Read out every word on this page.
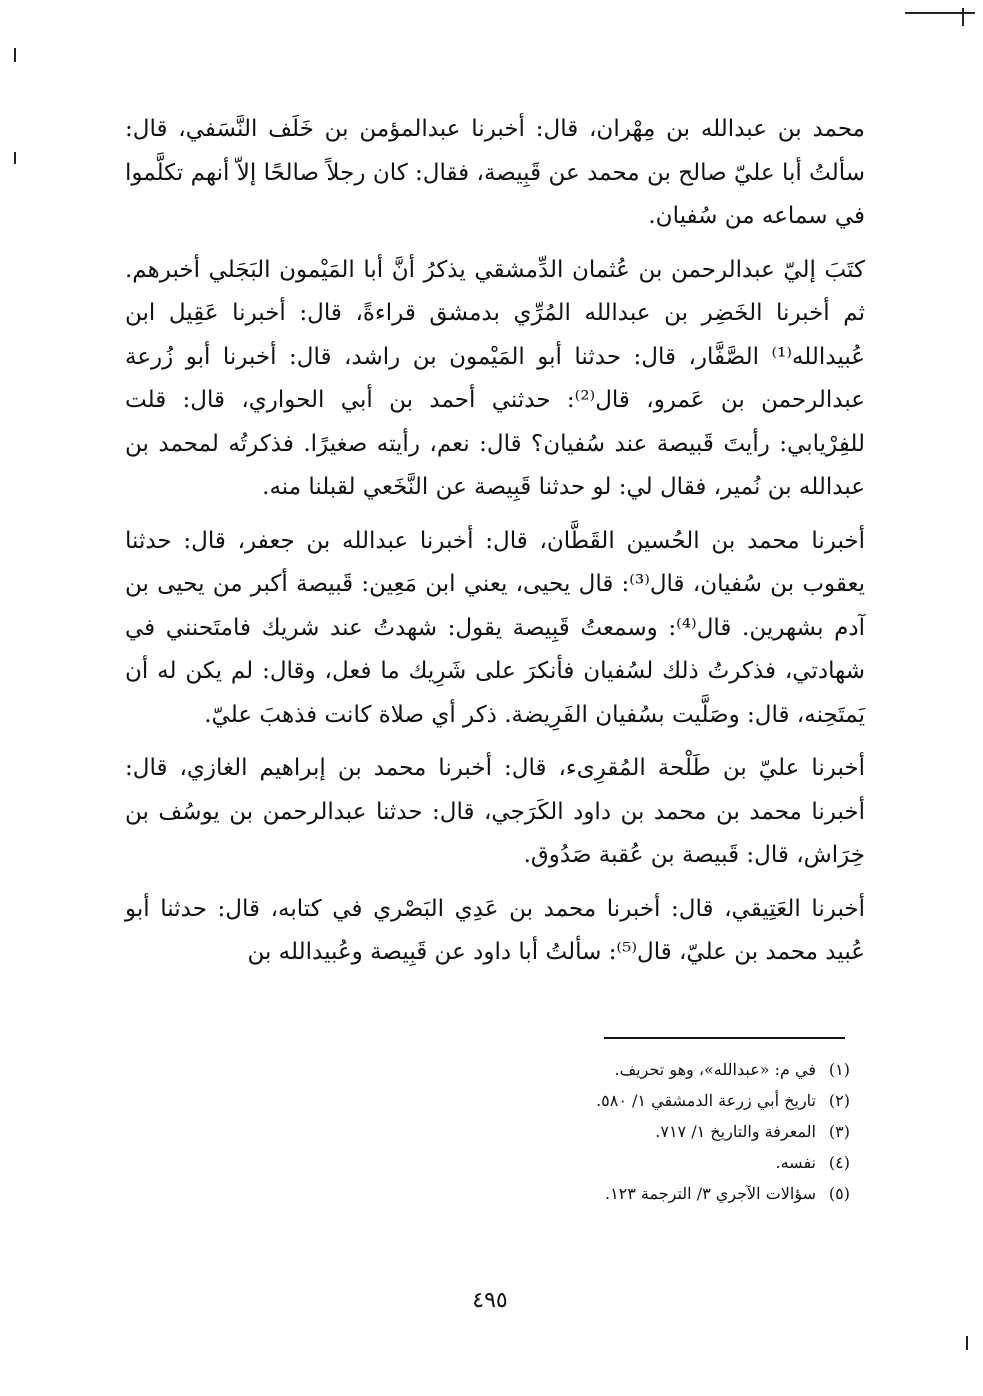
محمد بن عبدالله بن مِهْران، قال: أخبرنا عبدالمؤمن بن خَلَف النَّسَفي، قال: سألتُ أبا عليّ صالح بن محمد عن قَبِيصة، فقال: كان رجلاً صالحًا إلاّ أنهم تكلَّموا في سماعه من سُفيان.

كتَبَ إليّ عبدالرحمن بن عُثمان الدِّمشقي يذكرُ أنَّ أبا المَيْمون البَجَلي أخبرهم. ثم أخبرنا الخَضِر بن عبدالله المُرِّي بدمشق قراءةً، قال: أخبرنا عَقِيل ابن عُبيدالله⁽¹⁾ الصَّفَّار، قال: حدثنا أبو المَيْمون بن راشد، قال: أخبرنا أبو زُرعة عبدالرحمن بن عَمرو، قال⁽²⁾: حدثني أحمد بن أبي الحواري، قال: قلت للفِرْيابي: رأيتَ قَبيصة عند سُفيان؟ قال: نعم، رأيته صغيرًا. فذكرتُه لمحمد بن عبدالله بن نُمير، فقال لي: لو حدثنا قَبِيصة عن النَّخَعي لقبلنا منه.

أخبرنا محمد بن الحُسين القَطَّان، قال: أخبرنا عبدالله بن جعفر، قال: حدثنا يعقوب بن سُفيان، قال⁽³⁾: قال يحيى، يعني ابن مَعِين: قَبيصة أكبر من يحيى بن آدم بشهرين. قال⁽⁴⁾: وسمعتُ قَبِيصة يقول: شهدتُ عند شريك فامتَحنني في شهادتي، فذكرتُ ذلك لسُفيان فأنكرَ على شَرِيك ما فعل، وقال: لم يكن له أن يَمتَحِنه، قال: وصَلَّيت بسُفيان الفَرِيضة. ذكر أي صلاة كانت فذهبَ عليّ.

أخبرنا عليّ بن طَلْحة المُقرِىء، قال: أخبرنا محمد بن إبراهيم الغازي، قال: أخبرنا محمد بن محمد بن داود الكَرَجي، قال: حدثنا عبدالرحمن بن يوسُف بن خِرَاش، قال: قَبيصة بن عُقبة صَدُوق.

أخبرنا العَتِيقي، قال: أخبرنا محمد بن عَدِي البَصْري في كتابه، قال: حدثنا أبو عُبيد محمد بن عليّ، قال⁽⁵⁾: سألتُ أبا داود عن قَبِيصة وعُبيدالله بن

(١)في م: «عبدالله»، وهو تحريف.
(٢)تاريخ أبي زرعة الدمشقي ١/ ٥٨٠.
(٣)المعرفة والتاريخ ١/ ٧١٧.
(٤)نفسه.
(٥)سؤالات الآجري ٣/ الترجمة ١٢٣.
٤٩٥
